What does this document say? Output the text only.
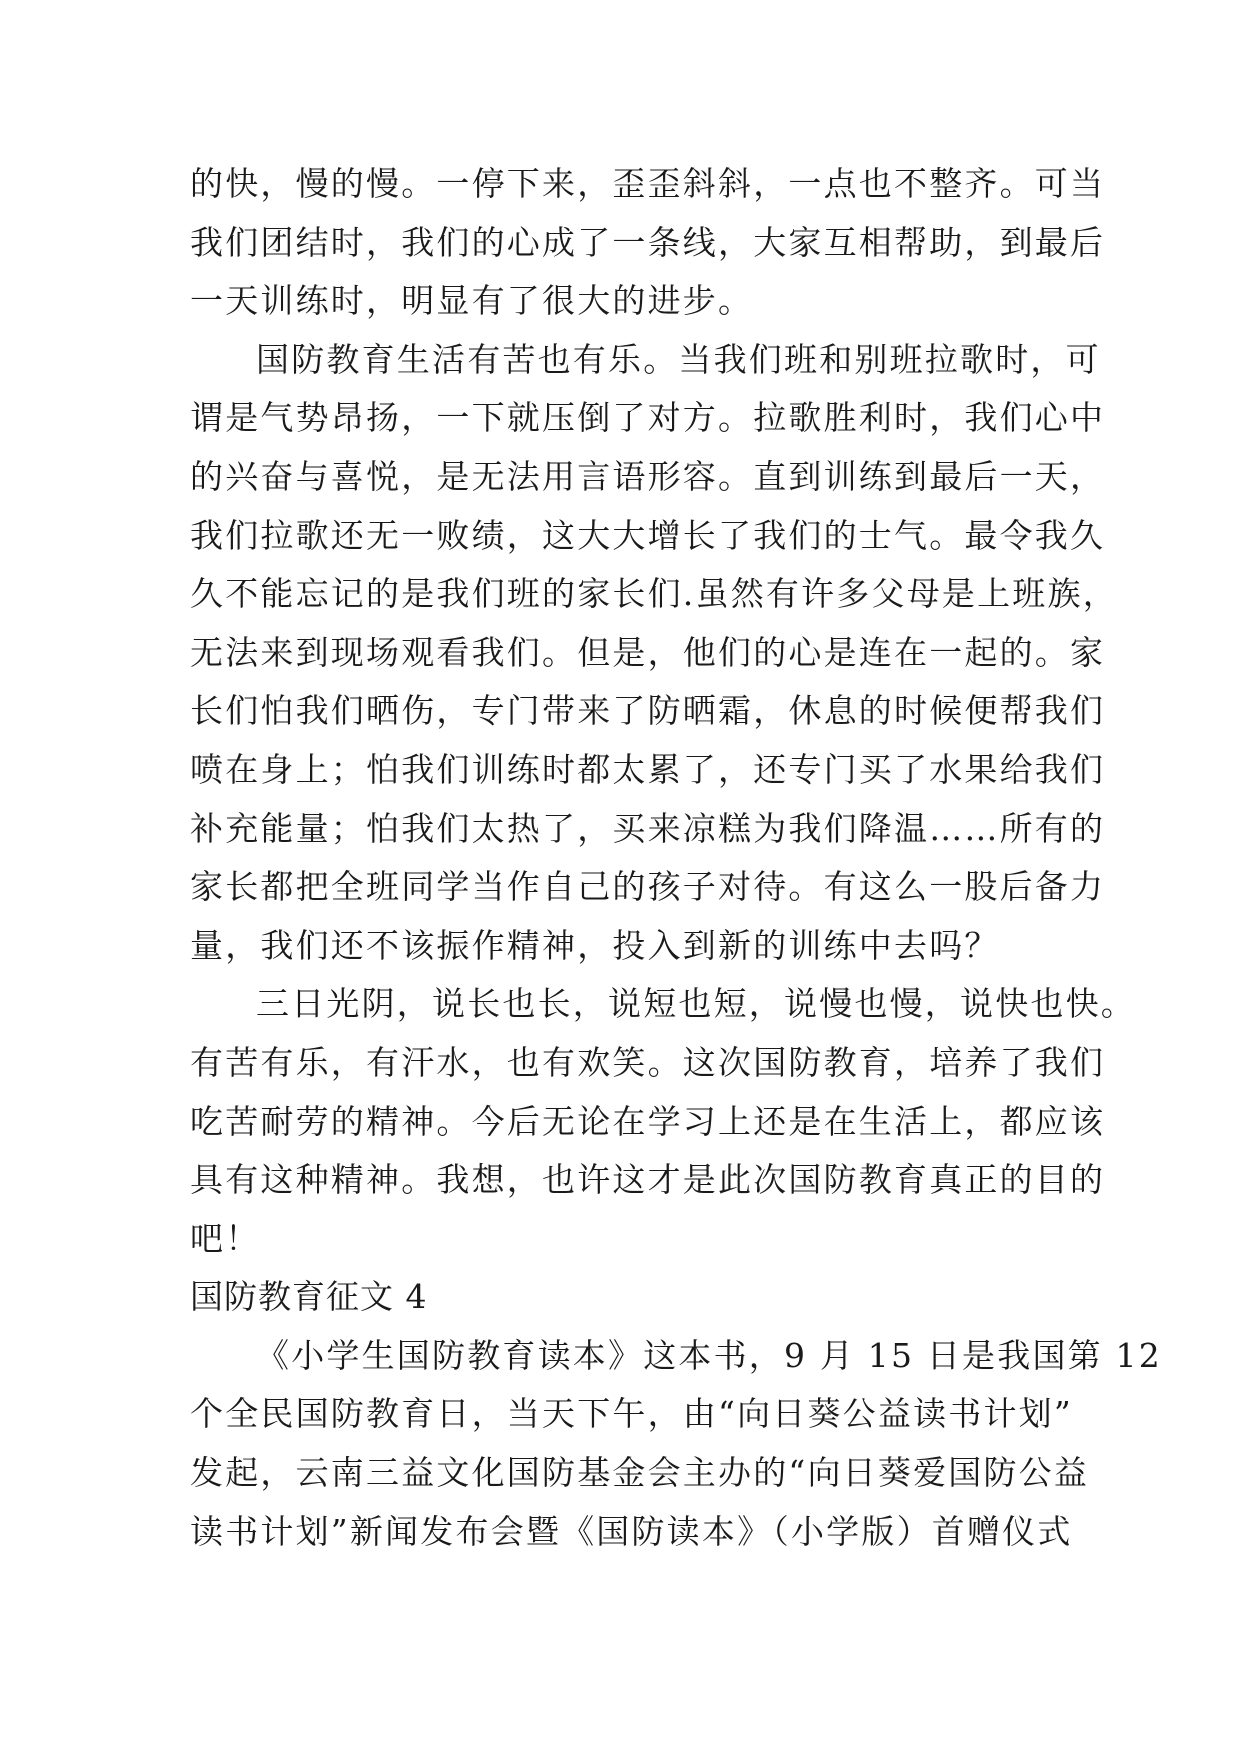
的快，慢的慢。一停下来，歪歪斜斜，一点也不整齐。可当
我们团结时，我们的心成了一条线，大家互相帮助，到最后
一天训练时，明显有了很大的进步。
国防教育生活有苦也有乐。当我们班和别班拉歌时，可
谓是气势昂扬，一下就压倒了对方。拉歌胜利时，我们心中
的兴奋与喜悦，是无法用言语形容。直到训练到最后一天，
我们拉歌还无一败绩，这大大增长了我们的士气。最令我久
久不能忘记的是我们班的家长们.虽然有许多父母是上班族，
无法来到现场观看我们。但是，他们的心是连在一起的。家
长们怕我们晒伤，专门带来了防晒霜，休息的时候便帮我们
喷在身上；怕我们训练时都太累了，还专门买了水果给我们
补充能量；怕我们太热了，买来凉糕为我们降温……所有的
家长都把全班同学当作自己的孩子对待。有这么一股后备力
量，我们还不该振作精神，投入到新的训练中去吗？
三日光阴，说长也长，说短也短，说慢也慢，说快也快。
有苦有乐，有汗水，也有欢笑。这次国防教育，培养了我们
吃苦耐劳的精神。今后无论在学习上还是在生活上，都应该
具有这种精神。我想，也许这才是此次国防教育真正的目的
吧！
国防教育征文 4
《小学生国防教育读本》这本书，9 月 15 日是我国第 12
个全民国防教育日，当天下午，由“向日葵公益读书计划”
发起，云南三益文化国防基金会主办的“向日葵爱国防公益
读书计划”新闻发布会暨《国防读本》（小学版）首赠仪式
